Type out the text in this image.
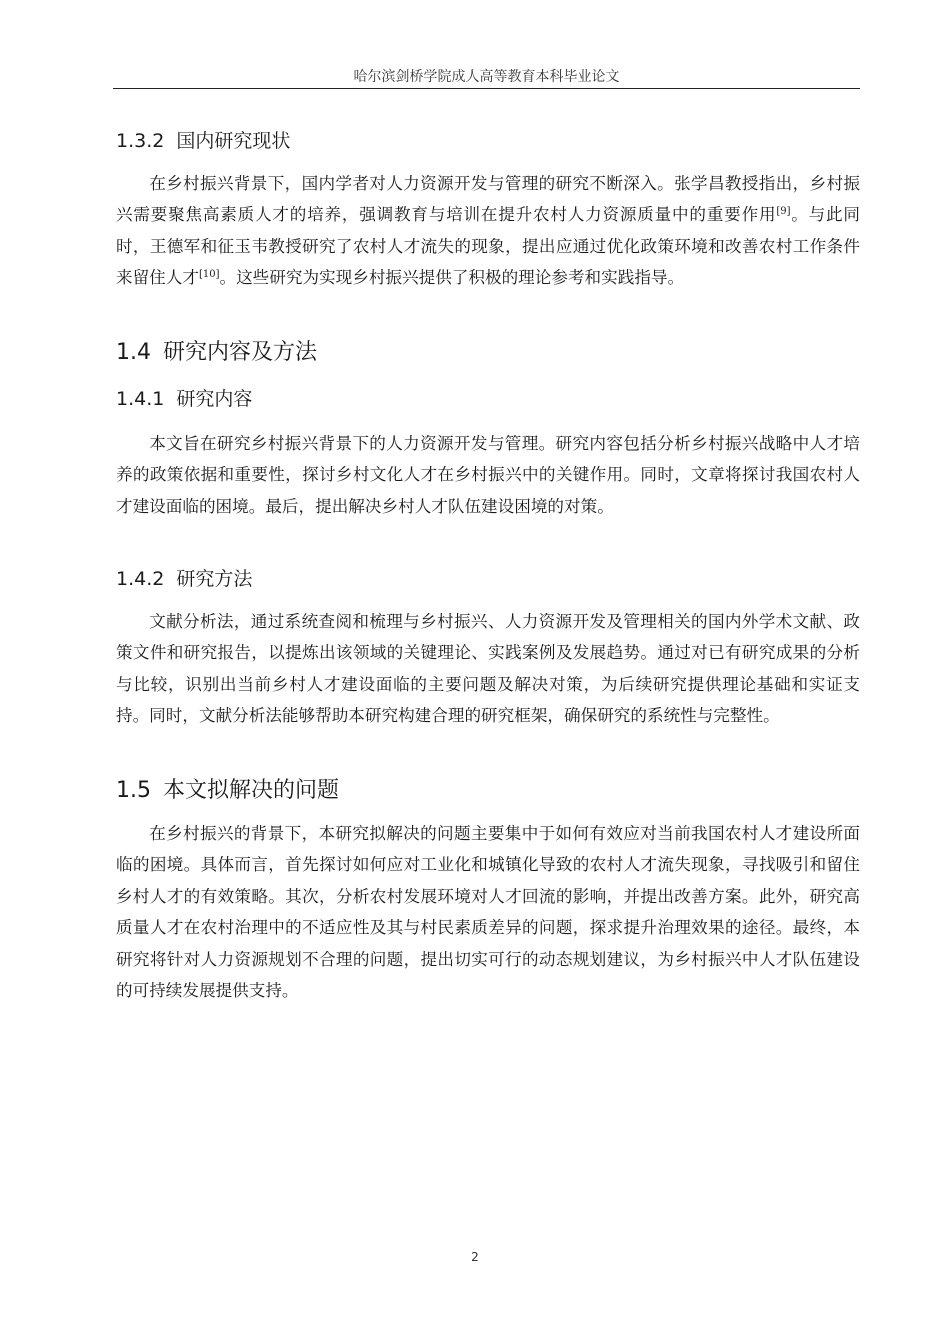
哈尔滨剑桥学院成人高等教育本科毕业论文
1.3.2 国内研究现状

在乡村振兴背景下，国内学者对人力资源开发与管理的研究不断深入。张学昌教授指出，乡村振兴需要聚焦高素质人才的培养，强调教育与培训在提升农村人力资源质量中的重要作用[9]。与此同时，王德军和征玉韦教授研究了农村人才流失的现象，提出应通过优化政策环境和改善农村工作条件来留住人才[10]。这些研究为实现乡村振兴提供了积极的理论参考和实践指导。

1.4 研究内容及方法
1.4.1 研究内容

本文旨在研究乡村振兴背景下的人力资源开发与管理。研究内容包括分析乡村振兴战略中人才培养的政策依据和重要性，探讨乡村文化人才在乡村振兴中的关键作用。同时，文章将探讨我国农村人才建设面临的困境。最后，提出解决乡村人才队伍建设困境的对策。

1.4.2 研究方法

文献分析法，通过系统查阅和梳理与乡村振兴、人力资源开发及管理相关的国内外学术文献、政策文件和研究报告，以提炼出该领域的关键理论、实践案例及发展趋势。通过对已有研究成果的分析与比较，识别出当前乡村人才建设面临的主要问题及解决对策，为后续研究提供理论基础和实证支持。同时，文献分析法能够帮助本研究构建合理的研究框架，确保研究的系统性与完整性。

1.5 本文拟解决的问题

在乡村振兴的背景下，本研究拟解决的问题主要集中于如何有效应对当前我国农村人才建设所面临的困境。具体而言，首先探讨如何应对工业化和城镇化导致的农村人才流失现象，寻找吸引和留住乡村人才的有效策略。其次，分析农村发展环境对人才回流的影响，并提出改善方案。此外，研究高质量人才在农村治理中的不适应性及其与村民素质差异的问题，探求提升治理效果的途径。最终，本研究将针对人力资源规划不合理的问题，提出切实可行的动态规划建议，为乡村振兴中人才队伍建设的可持续发展提供支持。

2
